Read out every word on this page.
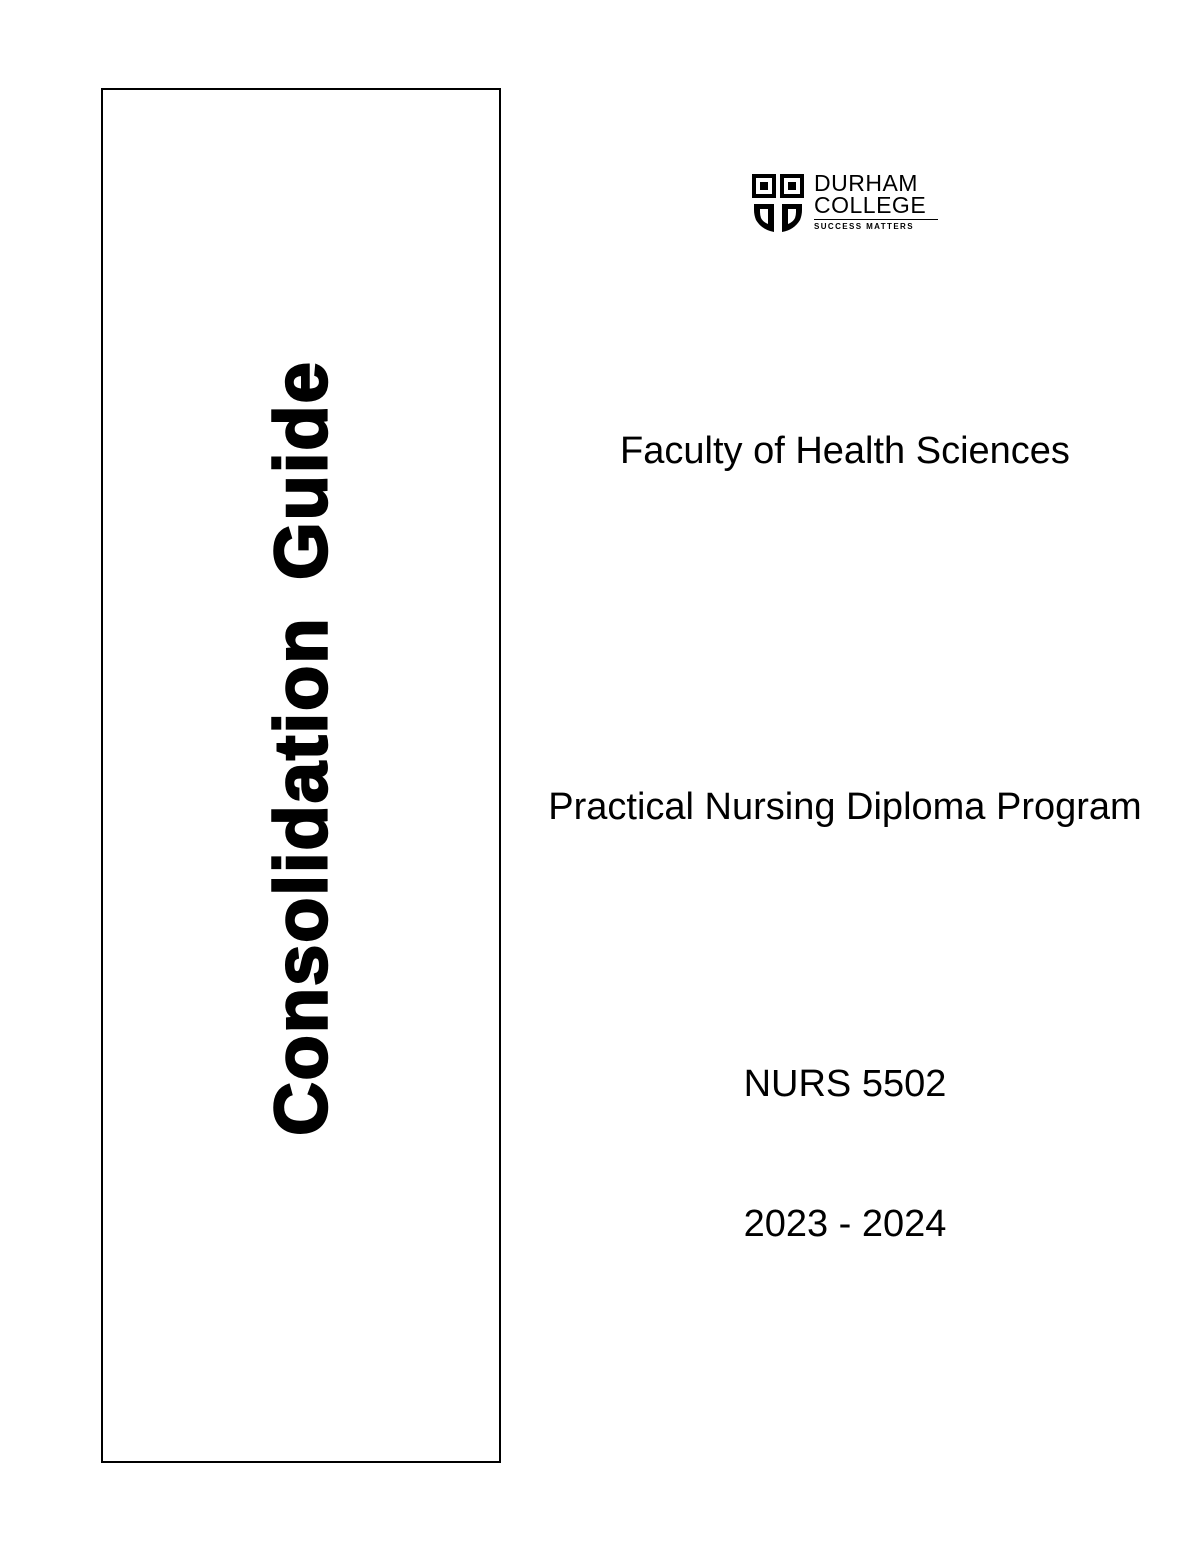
Consolidation Guide
DURHAM
COLLEGE
SUCCESS MATTERS
Faculty of Health Sciences
Practical Nursing Diploma Program
NURS 5502
2023 - 2024
